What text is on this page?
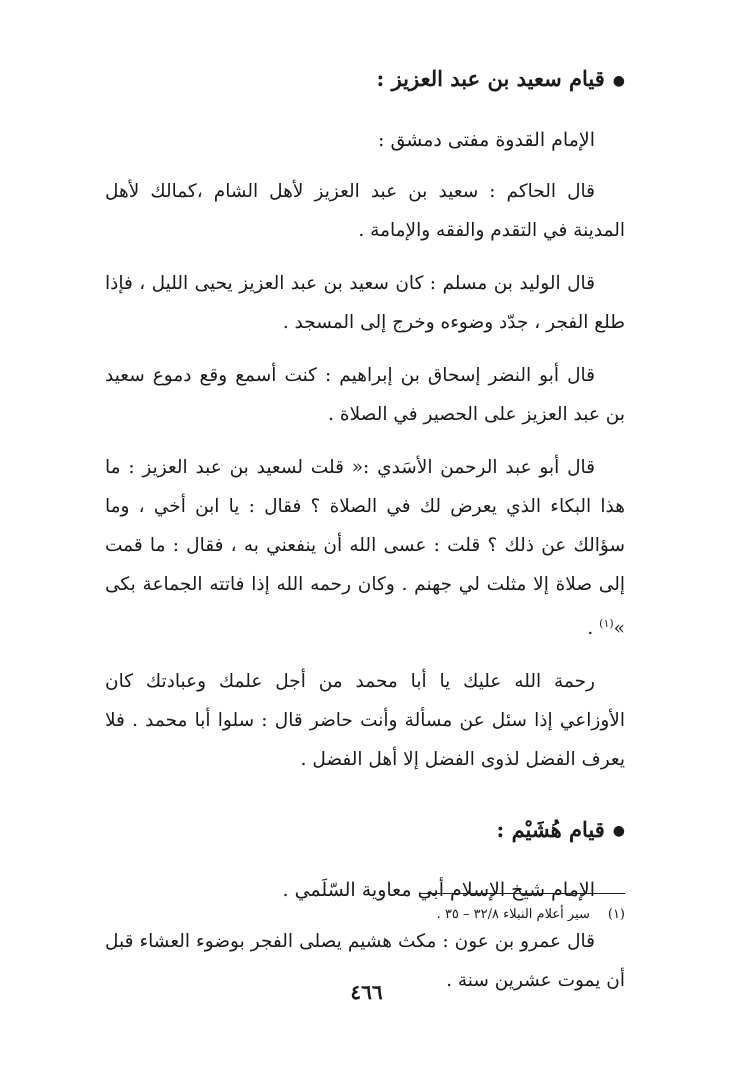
●قيام سعيد بن عبد العزيز :
الإمام القدوة مفتى دمشق :

قال الحاكم : سعيد بن عبد العزيز لأهل الشام ،كمالك لأهل المدينة في التقدم والفقه والإمامة .

قال الوليد بن مسلم : كان سعيد بن عبد العزيز يحيى الليل ، فإذا طلع الفجر ، جدّد وضوءه وخرج إلى المسجد .

قال أبو النضر إسحاق بن إبراهيم : كنت أسمع وقع دموع سعيد بن عبد العزيز على الحصير في الصلاة .

قال أبو عبد الرحمن الأسَدي :« قلت لسعيد بن عبد العزيز : ما هذا البكاء الذي يعرض لك في الصلاة ؟ فقال : يا ابن أخي ، وما سؤالك عن ذلك ؟ قلت : عسى الله أن ينفعني به ، فقال : ما قمت إلى صلاة إلا مثلت لي جهنم . وكان رحمه الله إذا فاتته الجماعة بكى »$^{(١)}$ .

رحمة الله عليك يا أبا محمد من أجل علمك وعبادتك كان الأوزاعي إذا سئل عن مسألة وأنت حاضر قال : سلوا أبا محمد . فلا يعرف الفضل لذوى الفضل إلا أهل الفضل .

●قيام هُشَيْم :
الإمام شيخ الإسلام أبي معاوية السّلَمي .

قال عمرو بن عون : مكث هشيم يصلى الفجر بوضوء العشاء قبل أن يموت عشرين سنة .

(١)سير أعلام النبلاء ٣٢/٨ – ٣٥ .
٤٦٦
